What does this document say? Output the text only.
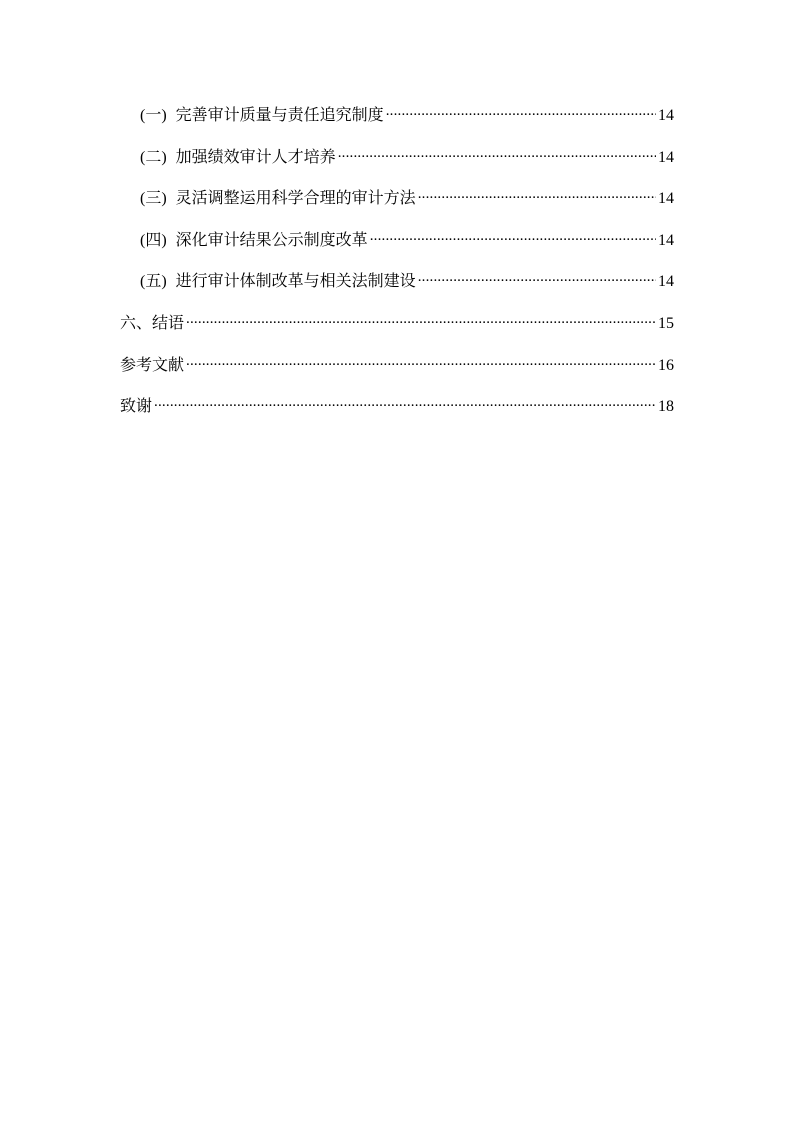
(一) 完善审计质量与责任追究制度 .....	14
(二) 加强绩效审计人才培养 .....	14
(三) 灵活调整运用科学合理的审计方法 .....	14
(四) 深化审计结果公示制度改革 .....	14
(五) 进行审计体制改革与相关法制建设 .....	14
六、结语 .....	15
参考文献 .....	16
致谢 .....	18
